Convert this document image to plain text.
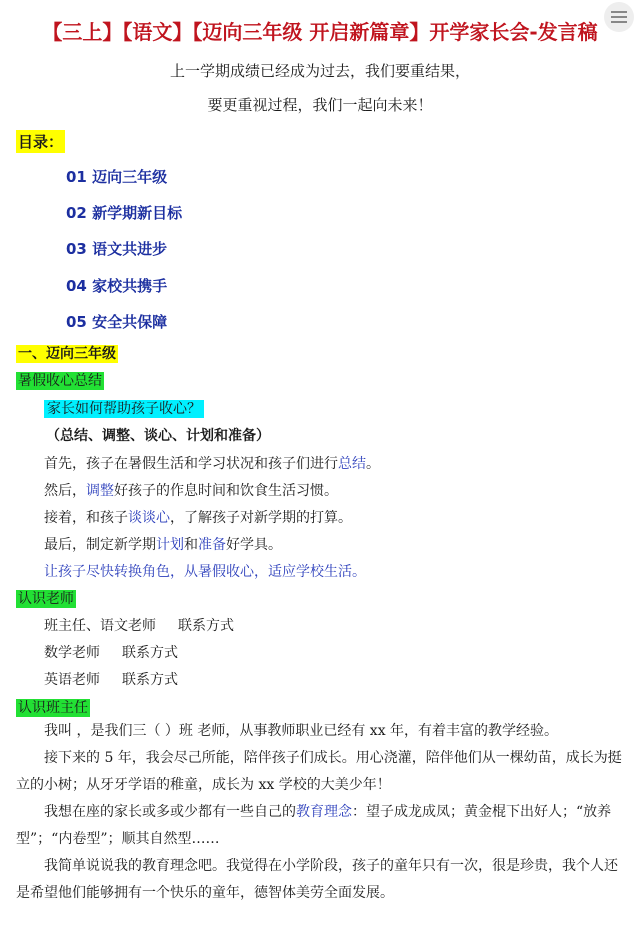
【三上】【语文】【迈向三年级 开启新篇章】开学家长会-发言稿
上一学期成绩已经成为过去，我们要重结果，
要更重视过程，我们一起向未来！
目录：
01 迈向三年级
02 新学期新目标
03 语文共进步
04 家校共携手
05 安全共保障
一、迈向三年级
暑假收心总结
家长如何帮助孩子收心？
（总结、调整、谈心、计划和准备）
首先，孩子在暑假生活和学习状况和孩子们进行总结。
然后，调整好孩子的作息时间和饮食生活习惯。
接着，和孩子谈谈心，了解孩子对新学期的打算。
最后，制定新学期计划和准备好学具。
让孩子尽快转换角色，从暑假收心，适应学校生活。
认识老师
班主任、语文老师 联系方式
数学老师 联系方式
英语老师 联系方式
认识班主任
我叫 ，是我们三（ ）班 老师，从事教师职业已经有 xx 年，有着丰富的教学经验。
接下来的 5 年，我会尽己所能，陪伴孩子们成长。用心浇灌，陪伴他们从一棵幼苗，成长为挺立的小树；从牙牙学语的稚童，成长为 xx 学校的大美少年！
我想在座的家长或多或少都有一些自己的教育理念：望子成龙成凤；黄金棍下出好人；“放养型”；“内卷型”；顺其自然型……
我简单说说我的教育理念吧。我觉得在小学阶段，孩子的童年只有一次，很是珍贵，我个人还是希望他们能够拥有一个快乐的童年，德智体美劳全面发展。
